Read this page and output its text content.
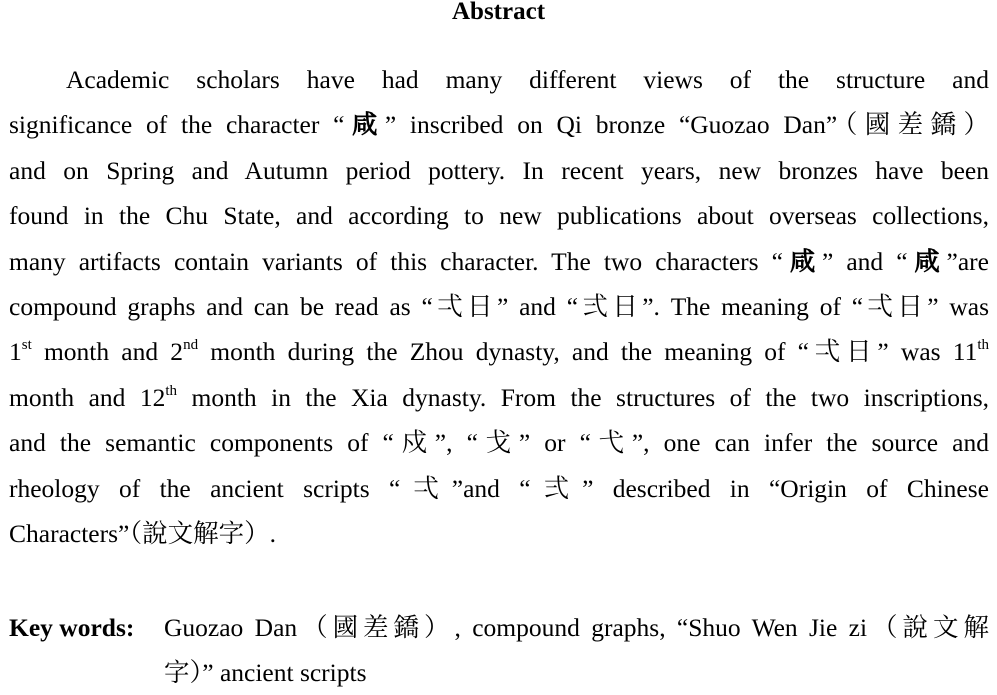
Abstract
Academic scholars have had many different views of the structure and
significance of the character “咸” inscribed on Qi bronze “Guozao Dan”（國差鐈）
and on Spring and Autumn period pottery. In recent years, new bronzes have been
found in the Chu State, and according to new publications about overseas collections,
many artifacts contain variants of this character. The two characters “咸” and “咸”are
compound graphs and can be read as “弌日” and “弍日”. The meaning of “弌日” was
1st month and 2nd month during the Zhou dynasty, and the meaning of “弌日” was 11th
month and 12th month in the Xia dynasty. From the structures of the two inscriptions,
and the semantic components of “戍”, “戈” or “弋”, one can infer the source and
rheology of the ancient scripts “弌”and “弍” described in “Origin of Chinese
Characters”（說文解字）.
Key words:	Guozao Dan（國差鐈）, compound graphs, “Shuo Wen Jie zi（說文解
字）” ancient scripts
